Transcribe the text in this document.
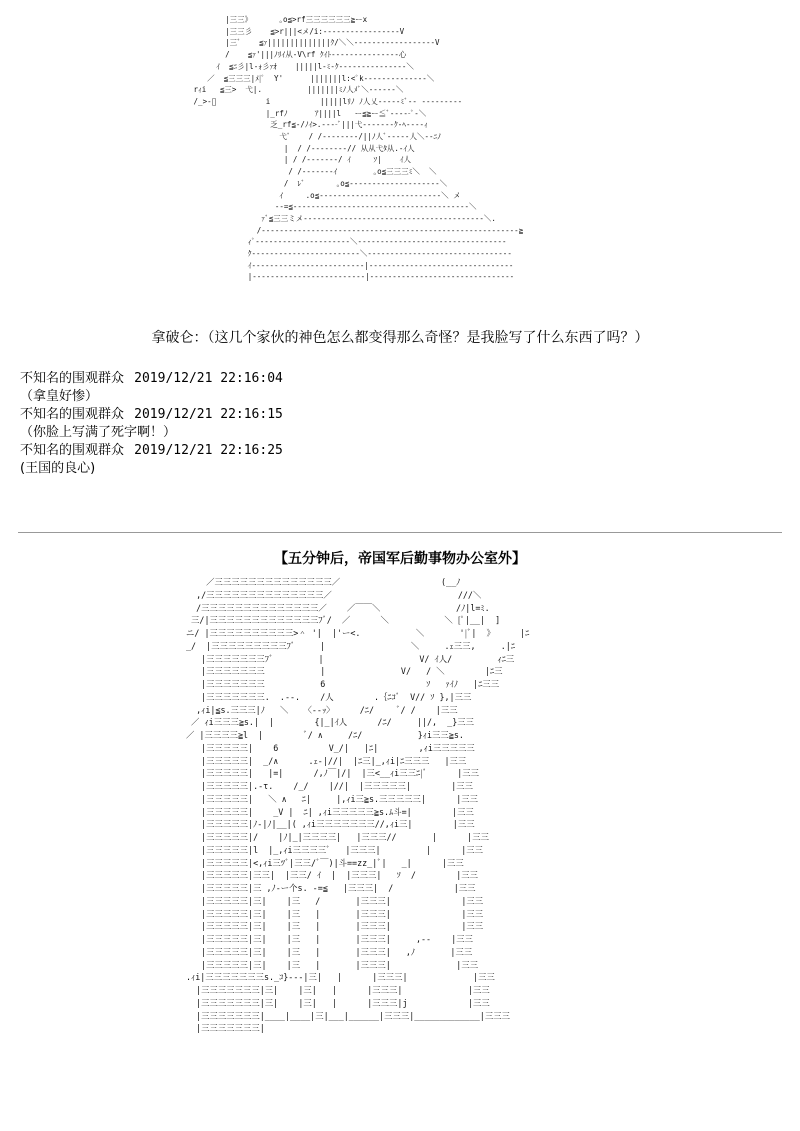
|三三》      ｡o≦>rf三三三三三三≧ーx
|三三彡    ≦>r|||<メ/i:-----------------V
|三ﾞ    ≦ｧ||||||||||||||ｸ/＼＼------------------V
/    ≦ｧ'|||ﾉﾘｲ从-V\rf ｸｲﾄ---------------心
ｲ  ≦ﾆ彡|l-ｫ彡ｧｵ    |||||l-ﾐ-ｸ---------------＼
／  ≦三三三|ﾒ|ﾟ  Y'      |||||||l:<ﾟk--------------＼
rｨi   ≦三>  弋|.          |||||||ﾐﾉ人ﾒﾞ＼------＼
/_>-ﾞ           i           |||||lﾘﾉ ﾉ人乂-----ﾐﾞ-- ---------
|_rfﾉ      ｱ||||l   ー≦≧ー≦ﾞ-----ﾟ-＼
乏_rf≦-/ﾉｲ>.----ﾞ|||弋-------ｸ-ﾍ----ｨ
弋ﾞ    / /--------/||ﾉ人ﾞ-----人＼--ﾆﾉ
|  / /--------// 从从弋ﾀ从.-ｲ人
| / /-------/ ｲ     ｿ|    ｲ人
/ /-------ｲ        ｡o≦三三三ﾐ＼  ＼
/  ﾚﾞ       ｡o≦--------------------＼
ｲ     .o≦---------------------------＼ メ
‐-=≦---------------------------------------＼
ｧﾞ≦三三ミメ----------------------------------------＼.
/---------------------------------------------------------≧
ｨﾟ---------------------＼---------------------------------
ｸ------------------------＼--------------------------------
ｲ-------------------------|--------------------------------
|-------------------------|--------------------------------
拿破仑：（这几个家伙的神色怎么都变得那么奇怪？是我脸写了什么东西了吗？）
不知名的围观群众 2019/12/21 22:16:04
（拿皇好惨）
不知名的围观群众 2019/12/21 22:16:15
（你脸上写满了死字啊！）
不知名的围观群众 2019/12/21 22:16:25
(王国的良心)
【五分钟后，帝国军后勤事物办公室外】
／三三三三三三三三三三三三三三／                    (__ﾉ
,/三三三三三三三三三三三三三三／                         ///＼
/三三三三三三三三三三三三三三／    ／￣￣＼               /ﾉ|l=ﾐ.
三/|三三三三三三三三三三三三三ﾌﾞ/  ／      ＼           ＼ [ﾟ|__|  ]
ニ/ |三三三三三三三三三三>＾ '|  |'ー<.           ＼       '|ﾞ|  》     |ﾆ
_/  |三三三三三三三三三ﾌﾞ     |                 ＼     .ｪ三三,     .|ﾆ
|三三三三三三三ﾌﾞ         |                   V/ ｲ人/         ｨﾆ三
|三三三三三三三           |               V/   / ＼        |ﾆ三
|三三三三三三三           6                    ｿ   ｧｲﾉ   |ﾆ三三
|三三三三三三三.  .--.    /人        .｛ﾆｺﾞ  V// ｿ },|三三
,ｨi|≦s.三三三|ﾉ   ＼   〈--ｯ〉     /ﾆ/     ﾞ/ /    |三三
／ ｨi三三三≧s.|  |        {|_|ｲ人      /ﾆ/     ||/,  _}三三
／ |三三三三≧l  |        ﾞ/ ∧     /ﾆ/           }ｨi三三≧s.
|三三三三三|    6          V_/|   |ﾆ|        ,ｨi三三三三三
|三三三三三|  _/∧      .ｪ-|//|  |ﾆ三|_,ｨi|ﾆ三三三   |三三
|三三三三三|   |=|      /,ﾉ￣|/|  |三<__ｨi三三ﾆ|ﾞ      |三三
|三三三三三|.-τ.    /_/    |//|  |三三三三三|        |三三
|三三三三三|   ＼ ∧   ﾆ|     |,ｨi三≧s.三三三三三|      |三三
|三三三三三|    _V |  ﾆ| ,ｨi三三三三三≧s.ﾑ斗=|        |三三
|三三三三三|ﾉ-|ﾉ|__|( ,ｨi三三三三三三三//,ｨi三|        |三三
|三三三三三|/    |ﾉ|_|三三三三|   |三三三//       |      |三三
|三三三三三|l  |_,ｨi三三三三ﾞ   |三三三|         |      |三三
|三三三三三|<,ｨi三ﾂﾞ|三三/ﾞ￣)|斗==zz_|ﾞ|   _|      |三三
|三三三三三|三三|  |三三/ ｲ  |  |三三三|   ｿ  /        |三三
|三三三三三|三 ,ﾉ-ー个s. -=≦   |三三三|  /            |三三
|三三三三三|三|    |三   /       |三三三|              |三三
|三三三三三|三|    |三   |       |三三三|              |三三
|三三三三三|三|    |三   |       |三三三|              |三三
|三三三三三|三|    |三   |       |三三三|     ,--    |三三
|三三三三三|三|    |三   |       |三三三|   ,ﾉ       |三三
|三三三三三|三|    |三   |       |三三三|             |三三
.ｨi|三三三三三三三s._ｺ}---|三|   |      |三三三|             |三三
|三三三三三三三|三|    |三|   |      |三三三|             |三三
|三三三三三三三|三|    |三|   |      |三三三|j            |三三
|三三三三三三三|____|____|三|___|______|三三三|_____________|三三三
|三三三三三三三|
